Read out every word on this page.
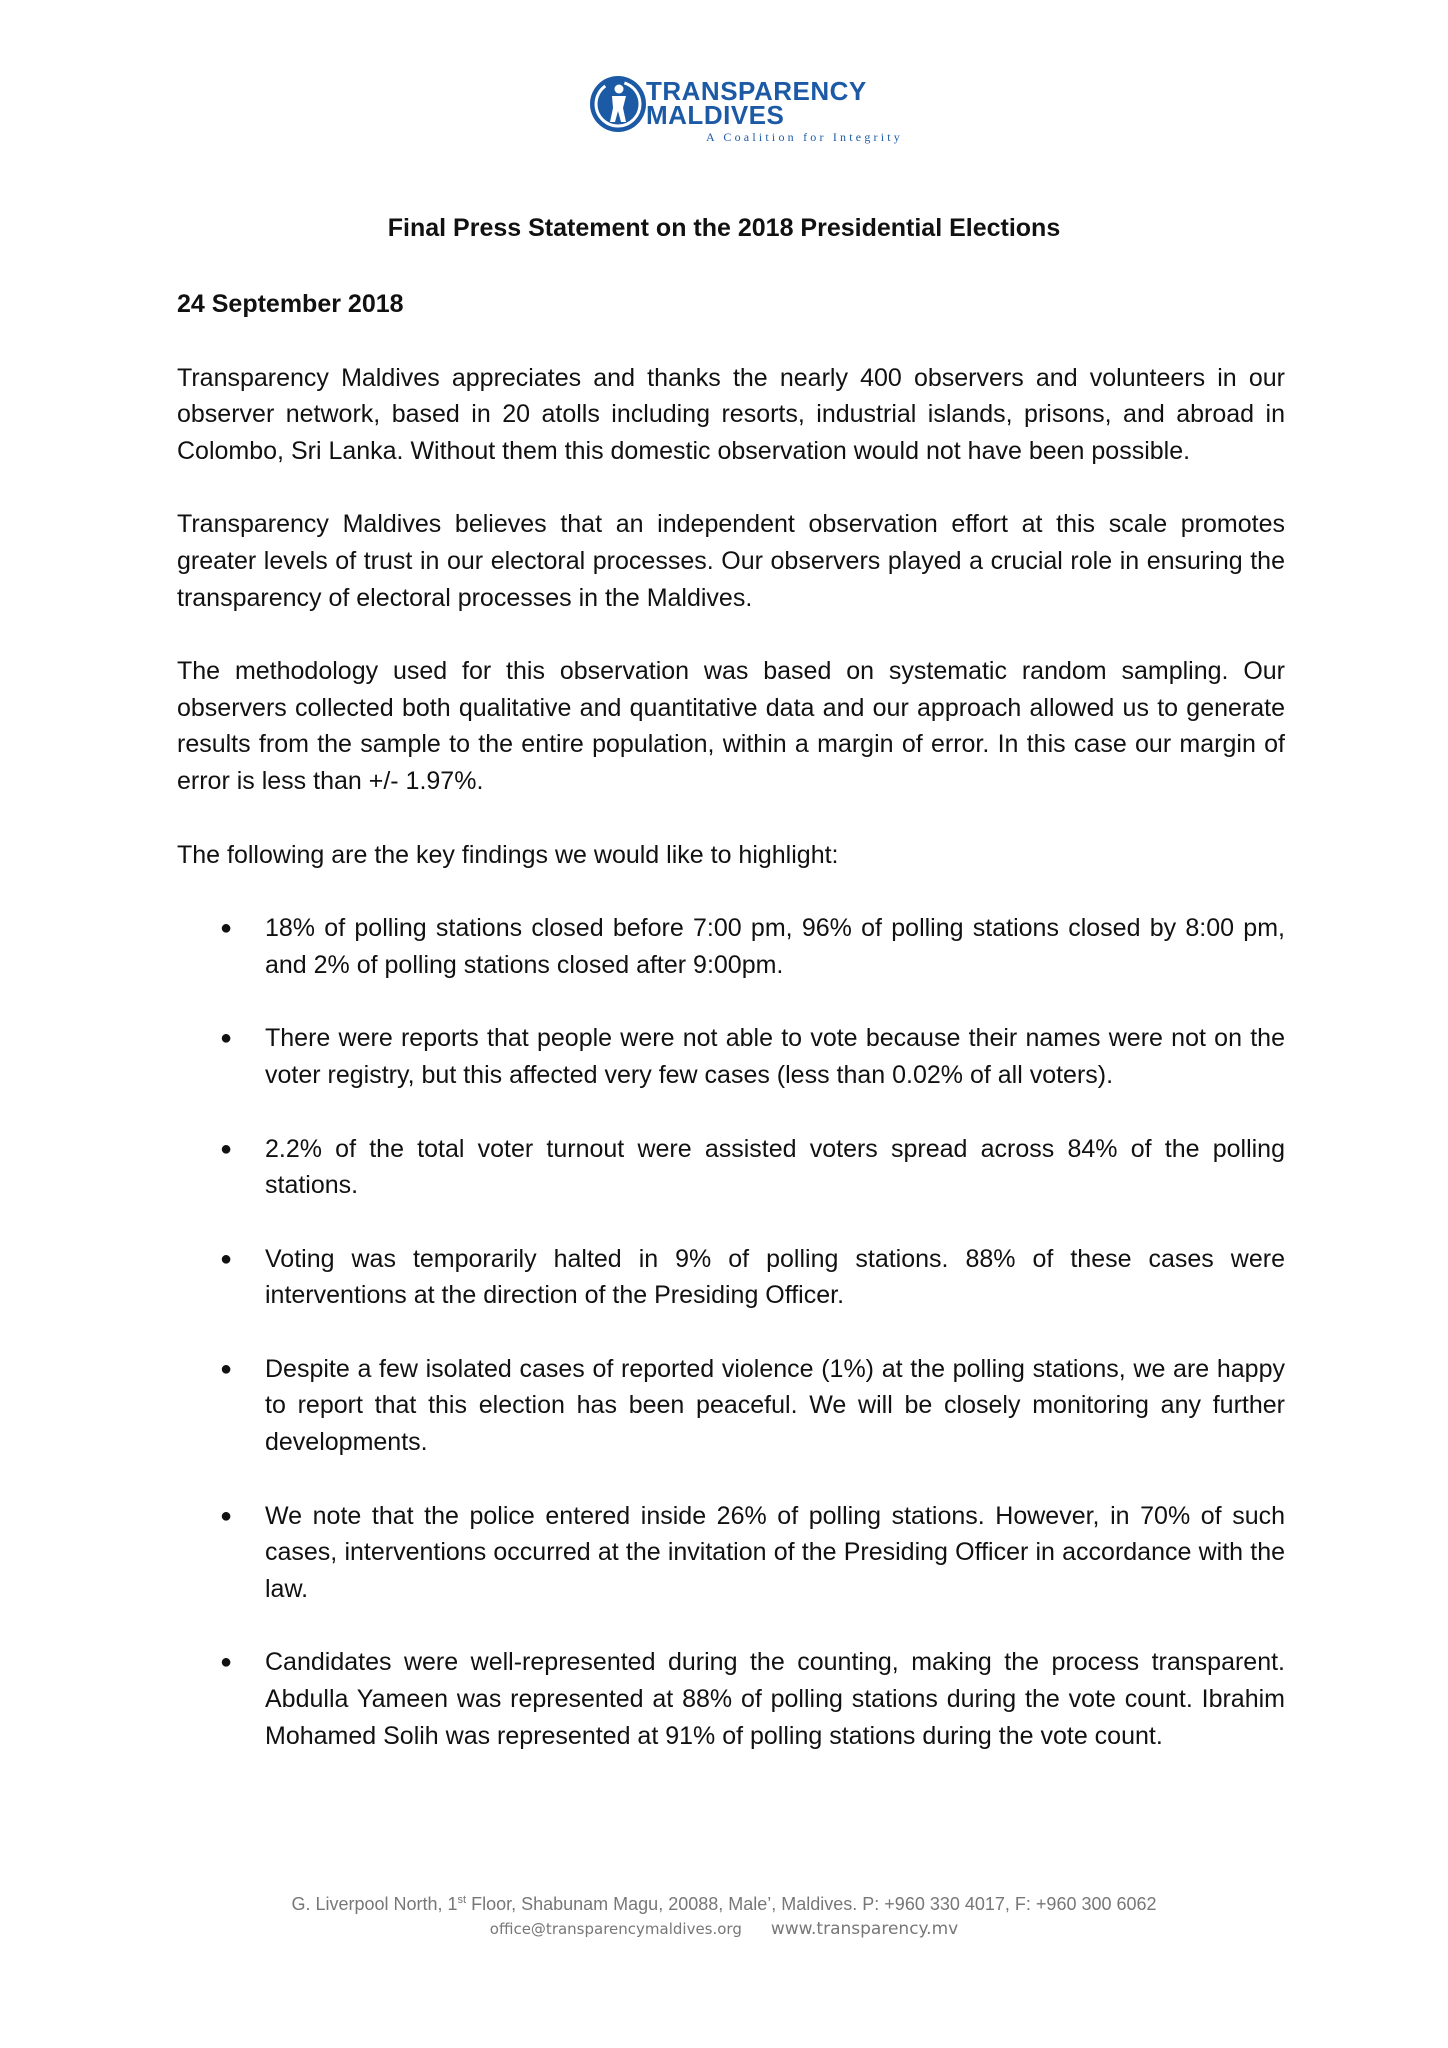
TRANSPARENCY
MALDIVES
A Coalition for Integrity
Final Press Statement on the 2018 Presidential Elections

24 September 2018

Transparency Maldives appreciates and thanks the nearly 400 observers and volunteers in our observer network, based in 20 atolls including resorts, industrial islands, prisons, and abroad in Colombo, Sri Lanka. Without them this domestic observation would not have been possible.

Transparency Maldives believes that an independent observation effort at this scale promotes greater levels of trust in our electoral processes. Our observers played a crucial role in ensuring the transparency of electoral processes in the Maldives.

The methodology used for this observation was based on systematic random sampling. Our observers collected both qualitative and quantitative data and our approach allowed us to generate results from the sample to the entire population, within a margin of error. In this case our margin of error is less than +/- 1.97%.

The following are the key findings we would like to highlight:

● 18% of polling stations closed before 7:00 pm, 96% of polling stations closed by 8:00 pm, and 2% of polling stations closed after 9:00pm.
● There were reports that people were not able to vote because their names were not on the voter registry, but this affected very few cases (less than 0.02% of all voters).
● 2.2% of the total voter turnout were assisted voters spread across 84% of the polling stations.
● Voting was temporarily halted in 9% of polling stations. 88% of these cases were interventions at the direction of the Presiding Officer.
● Despite a few isolated cases of reported violence (1%) at the polling stations, we are happy to report that this election has been peaceful. We will be closely monitoring any further developments.
● We note that the police entered inside 26% of polling stations. However, in 70% of such cases, interventions occurred at the invitation of the Presiding Officer in accordance with the law.
● Candidates were well-represented during the counting, making the process transparent. Abdulla Yameen was represented at 88% of polling stations during the vote count. Ibrahim Mohamed Solih was represented at 91% of polling stations during the vote count.
G. Liverpool North, 1st Floor, Shabunam Magu, 20088, Male’, Maldives. P: +960 330 4017, F: +960 300 6062
office@transparencymaldives.org www.transparency.mv
